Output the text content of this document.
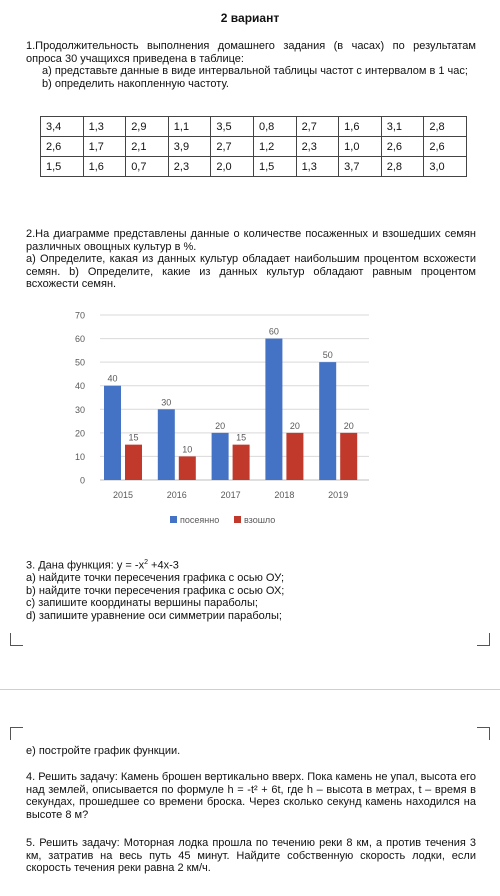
2 вариант

1.Продолжительность выполнения домашнего задания (в часах) по результатам опроса 30 учащихся приведена в таблице:

а) представьте данные в виде интервальной таблицы частот с интервалом в 1 час;

b) определить накопленную частоту.

3,4	1,3	2,9	1,1	3,5	0,8	2,7	1,6	3,1	2,8
2,6	1,7	2,1	3,9	2,7	1,2	2,3	1,0	2,6	2,6
1,5	1,6	0,7	2,3	2,0	1,5	1,3	3,7	2,8	3,0

2.На диаграмме представлены данные о количестве посаженных и взошедших семян различных овощных культур в %.

а) Определите, какая из данных культур обладает наибольшим процентом всхожести семян. b) Определите, какие из данных культур обладают равным процентом всхожести семян.

0
10
20
30
40
50
60
70
40
15
2015
30
10
2016
20
15
2017
60
20
2018
50
20
2019
посеянно	взошло

3. Дана функция: $y = -x^2 +4x-3$

а) найдите точки пересечения графика с осью ОУ;

b) найдите точки пересечения графика с осью ОХ;

с) запишите координаты вершины параболы;

d) запишите уравнение оси симметрии параболы;

е) постройте график функции.
4. Решить задачу: Камень брошен вертикально вверх. Пока камень не упал, высота его над землей, описывается по формуле h = -t² + 6t, где h – высота в метрах, t – время в секундах, прошедшее со времени броска. Через сколько секунд камень находился на высоте 8 м?
5. Решить задачу: Моторная лодка прошла по течению реки 8 км, а против течения 3 км, затратив на весь путь 45 минут. Найдите собственную скорость лодки, если скорость течения реки равна 2 км/ч.
